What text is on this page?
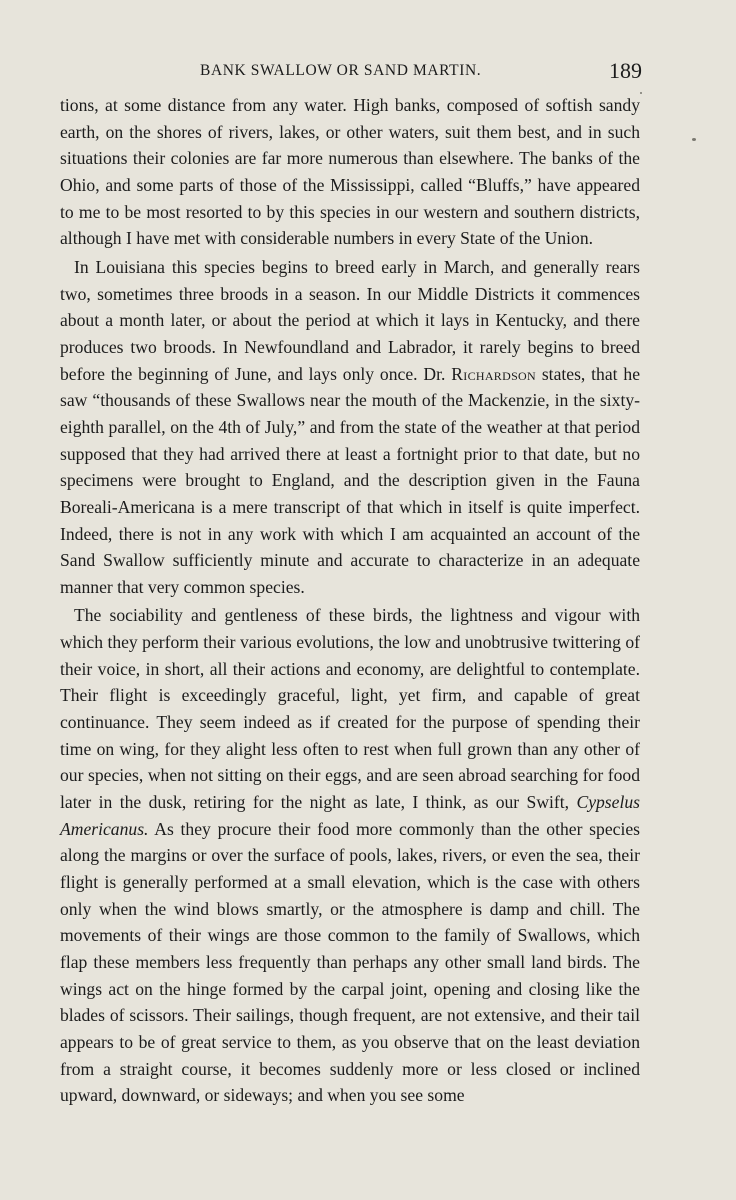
BANK SWALLOW OR SAND MARTIN.	189

tions, at some distance from any water. High banks, composed of softish sandy earth, on the shores of rivers, lakes, or other waters, suit them best, and in such situations their colonies are far more numerous than elsewhere. The banks of the Ohio, and some parts of those of the Mississippi, called “Bluffs,” have appeared to me to be most resorted to by this species in our western and southern districts, although I have met with considerable numbers in every State of the Union.

In Louisiana this species begins to breed early in March, and generally rears two, sometimes three broods in a season. In our Middle Districts it commences about a month later, or about the period at which it lays in Kentucky, and there produces two broods. In Newfoundland and Labrador, it rarely begins to breed before the beginning of June, and lays only once. Dr. Richardson states, that he saw “thousands of these Swallows near the mouth of the Mackenzie, in the sixty-eighth parallel, on the 4th of July,” and from the state of the weather at that period supposed that they had arrived there at least a fortnight prior to that date, but no specimens were brought to England, and the description given in the Fauna Boreali-Americana is a mere transcript of that which in itself is quite imperfect. Indeed, there is not in any work with which I am acquainted an account of the Sand Swallow sufficiently minute and accurate to characterize in an adequate manner that very common species.

The sociability and gentleness of these birds, the lightness and vigour with which they perform their various evolutions, the low and unobtrusive twittering of their voice, in short, all their actions and economy, are delightful to contemplate. Their flight is exceedingly graceful, light, yet firm, and capable of great continuance. They seem indeed as if created for the purpose of spending their time on wing, for they alight less often to rest when full grown than any other of our species, when not sitting on their eggs, and are seen abroad searching for food later in the dusk, retiring for the night as late, I think, as our Swift, Cypselus Americanus. As they procure their food more commonly than the other species along the margins or over the surface of pools, lakes, rivers, or even the sea, their flight is generally performed at a small elevation, which is the case with others only when the wind blows smartly, or the atmosphere is damp and chill. The movements of their wings are those common to the family of Swallows, which flap these members less frequently than perhaps any other small land birds. The wings act on the hinge formed by the carpal joint, opening and closing like the blades of scissors. Their sailings, though frequent, are not extensive, and their tail appears to be of great service to them, as you observe that on the least deviation from a straight course, it becomes suddenly more or less closed or inclined upward, downward, or sideways; and when you see some
